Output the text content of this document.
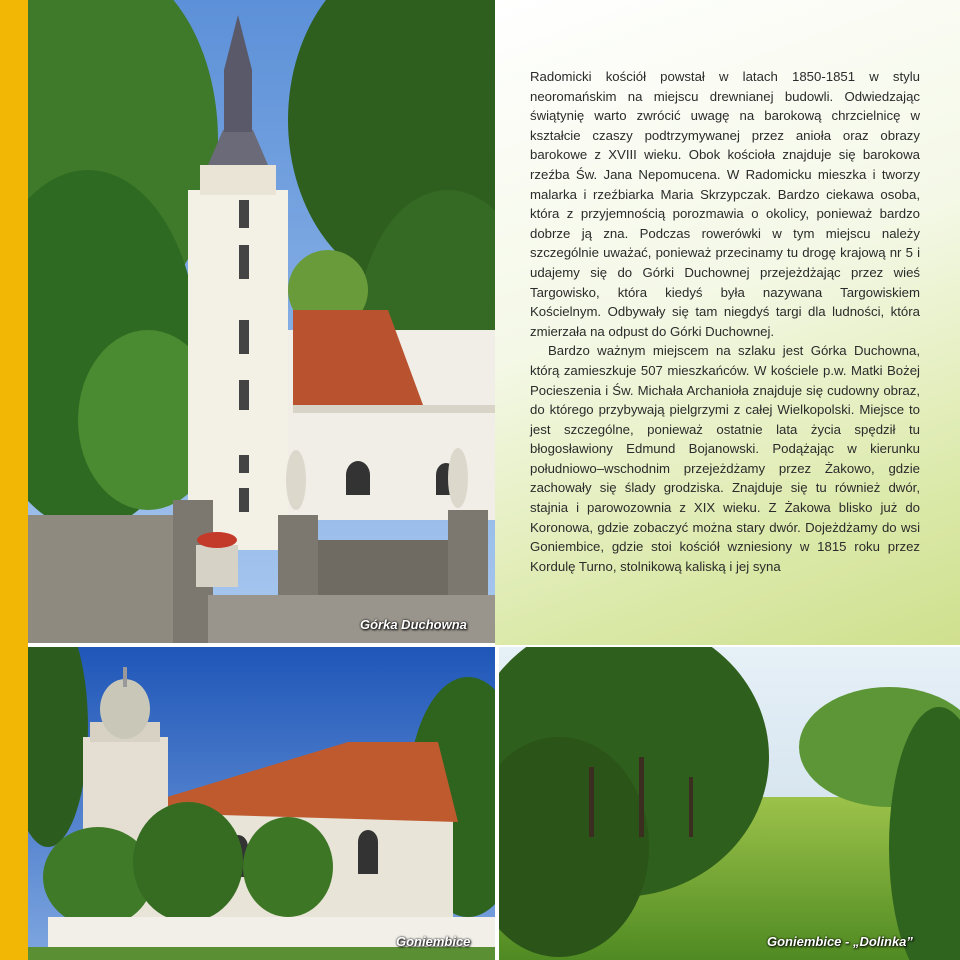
Górka Duchowna

Radomicki kościół powstał w latach 1850-1851 w stylu neoromańskim na miejscu drewnianej budowli. Odwiedzając świątynię warto zwrócić uwagę na barokową chrzcielnicę w kształcie czaszy podtrzymywanej przez anioła oraz obrazy barokowe z XVIII wieku. Obok kościoła znajduje się barokowa rzeźba Św. Jana Nepomucena. W Radomicku mieszka i tworzy malarka i rzeźbiarka Maria Skrzypczak. Bardzo ciekawa osoba, która z przyjemnością porozmawia o okolicy, ponieważ bardzo dobrze ją zna. Podczas rowerówki w tym miejscu należy szczególnie uważać, ponieważ przecinamy tu drogę krajową nr 5 i udajemy się do Górki Duchownej przejeżdżając przez wieś Targowisko, która kiedyś była nazywana Targowiskiem Kościelnym. Odbywały się tam niegdyś targi dla ludności, która zmierzała na odpust do Górki Duchownej.

Bardzo ważnym miejscem na szlaku jest Górka Duchowna, którą zamieszkuje 507 mieszkańców. W kościele p.w. Matki Bożej Pocieszenia i Św. Michała Archanioła znajduje się cudowny obraz, do którego przybywają pielgrzymi z całej Wielkopolski. Miejsce to jest szczególne, ponieważ ostatnie lata życia spędził tu błogosławiony Edmund Bojanowski. Podążając w kierunku południowo–wschodnim przejeżdżamy przez Żakowo, gdzie zachowały się ślady grodziska. Znajduje się tu również dwór, stajnia i parowozownia z XIX wieku. Z Żakowa blisko już do Koronowa, gdzie zobaczyć można stary dwór. Dojeżdżamy do wsi Goniembice, gdzie stoi kościół wzniesiony w 1815 roku przez Kordulę Turno, stolnikową kaliską i jej syna

Goniembice	Goniembice - „Dolinka”
